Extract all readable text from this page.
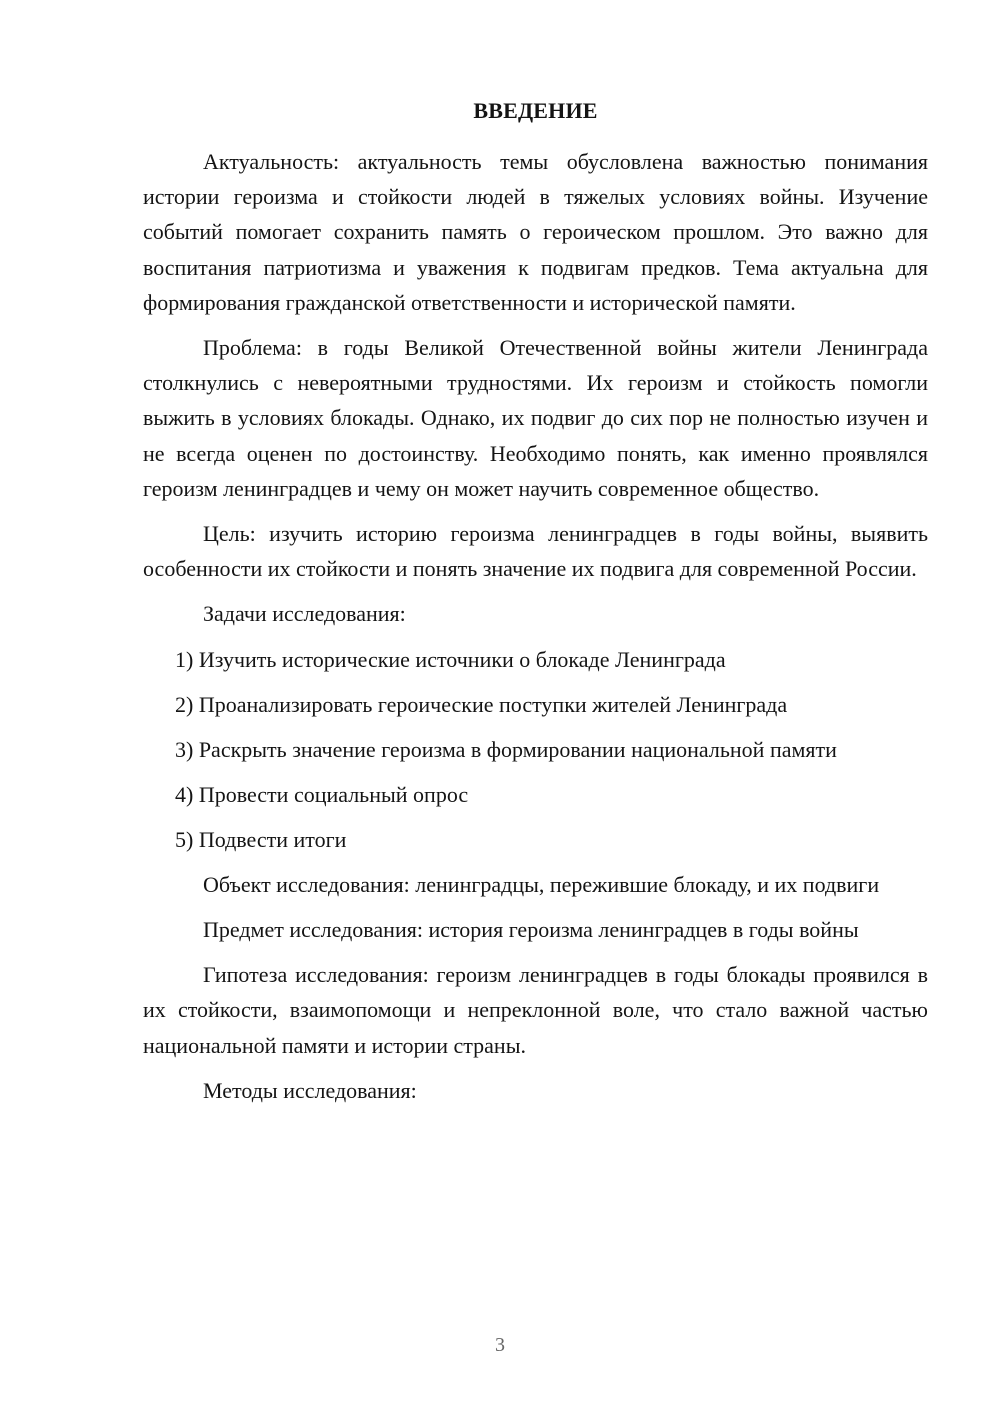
ВВЕДЕНИЕ

Актуальность: актуальность темы обусловлена важностью понимания истории героизма и стойкости людей в тяжелых условиях войны. Изучение событий помогает сохранить память о героическом прошлом. Это важно для воспитания патриотизма и уважения к подвигам предков. Тема актуальна для формирования гражданской ответственности и исторической памяти.

Проблема: в годы Великой Отечественной войны жители Ленинграда столкнулись с невероятными трудностями. Их героизм и стойкость помогли выжить в условиях блокады. Однако, их подвиг до сих пор не полностью изучен и не всегда оценен по достоинству. Необходимо понять, как именно проявлялся героизм ленинградцев и чему он может научить современное общество.

Цель: изучить историю героизма ленинградцев в годы войны, выявить особенности их стойкости и понять значение их подвига для современной России.

Задачи исследования:

1) Изучить исторические источники о блокаде Ленинграда
2) Проанализировать героические поступки жителей Ленинграда
3) Раскрыть значение героизма в формировании национальной памяти
4) Провести социальный опрос
5) Подвести итоги

Объект исследования: ленинградцы, пережившие блокаду, и их подвиги

Предмет исследования: история героизма ленинградцев в годы войны

Гипотеза исследования: героизм ленинградцев в годы блокады проявился в их стойкости, взаимопомощи и непреклонной воле, что стало важной частью национальной памяти и истории страны.

Методы исследования:

3
